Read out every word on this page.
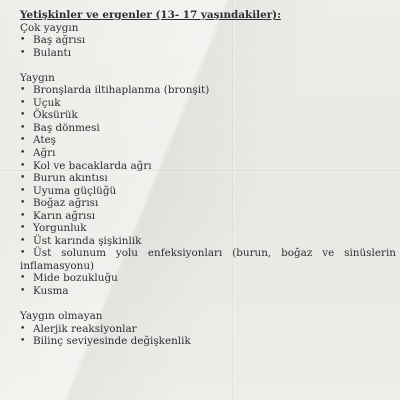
Yetişkinler ve ergenler (13- 17 yaşındakiler):
Çok yaygın
• Baş ağrısı
• Bulantı
Yaygın
• Bronşlarda iltihaplanma (bronşit)
• Uçuk
• Öksürük
• Baş dönmesi
• Ateş
• Ağrı
• Kol ve bacaklarda ağrı
• Burun akıntısı
• Uyuma güçlüğü
• Boğaz ağrısı
• Karın ağrısı
• Yorgunluk
• Üst karında şişkinlik
• Üst solunum yolu enfeksiyonları (burun, boğaz ve sinüslerin
inflamasyonu)
• Mide bozukluğu
• Kusma
Yaygın olmayan
• Alerjik reaksiyonlar
• Bilinç seviyesinde değişkenlik
